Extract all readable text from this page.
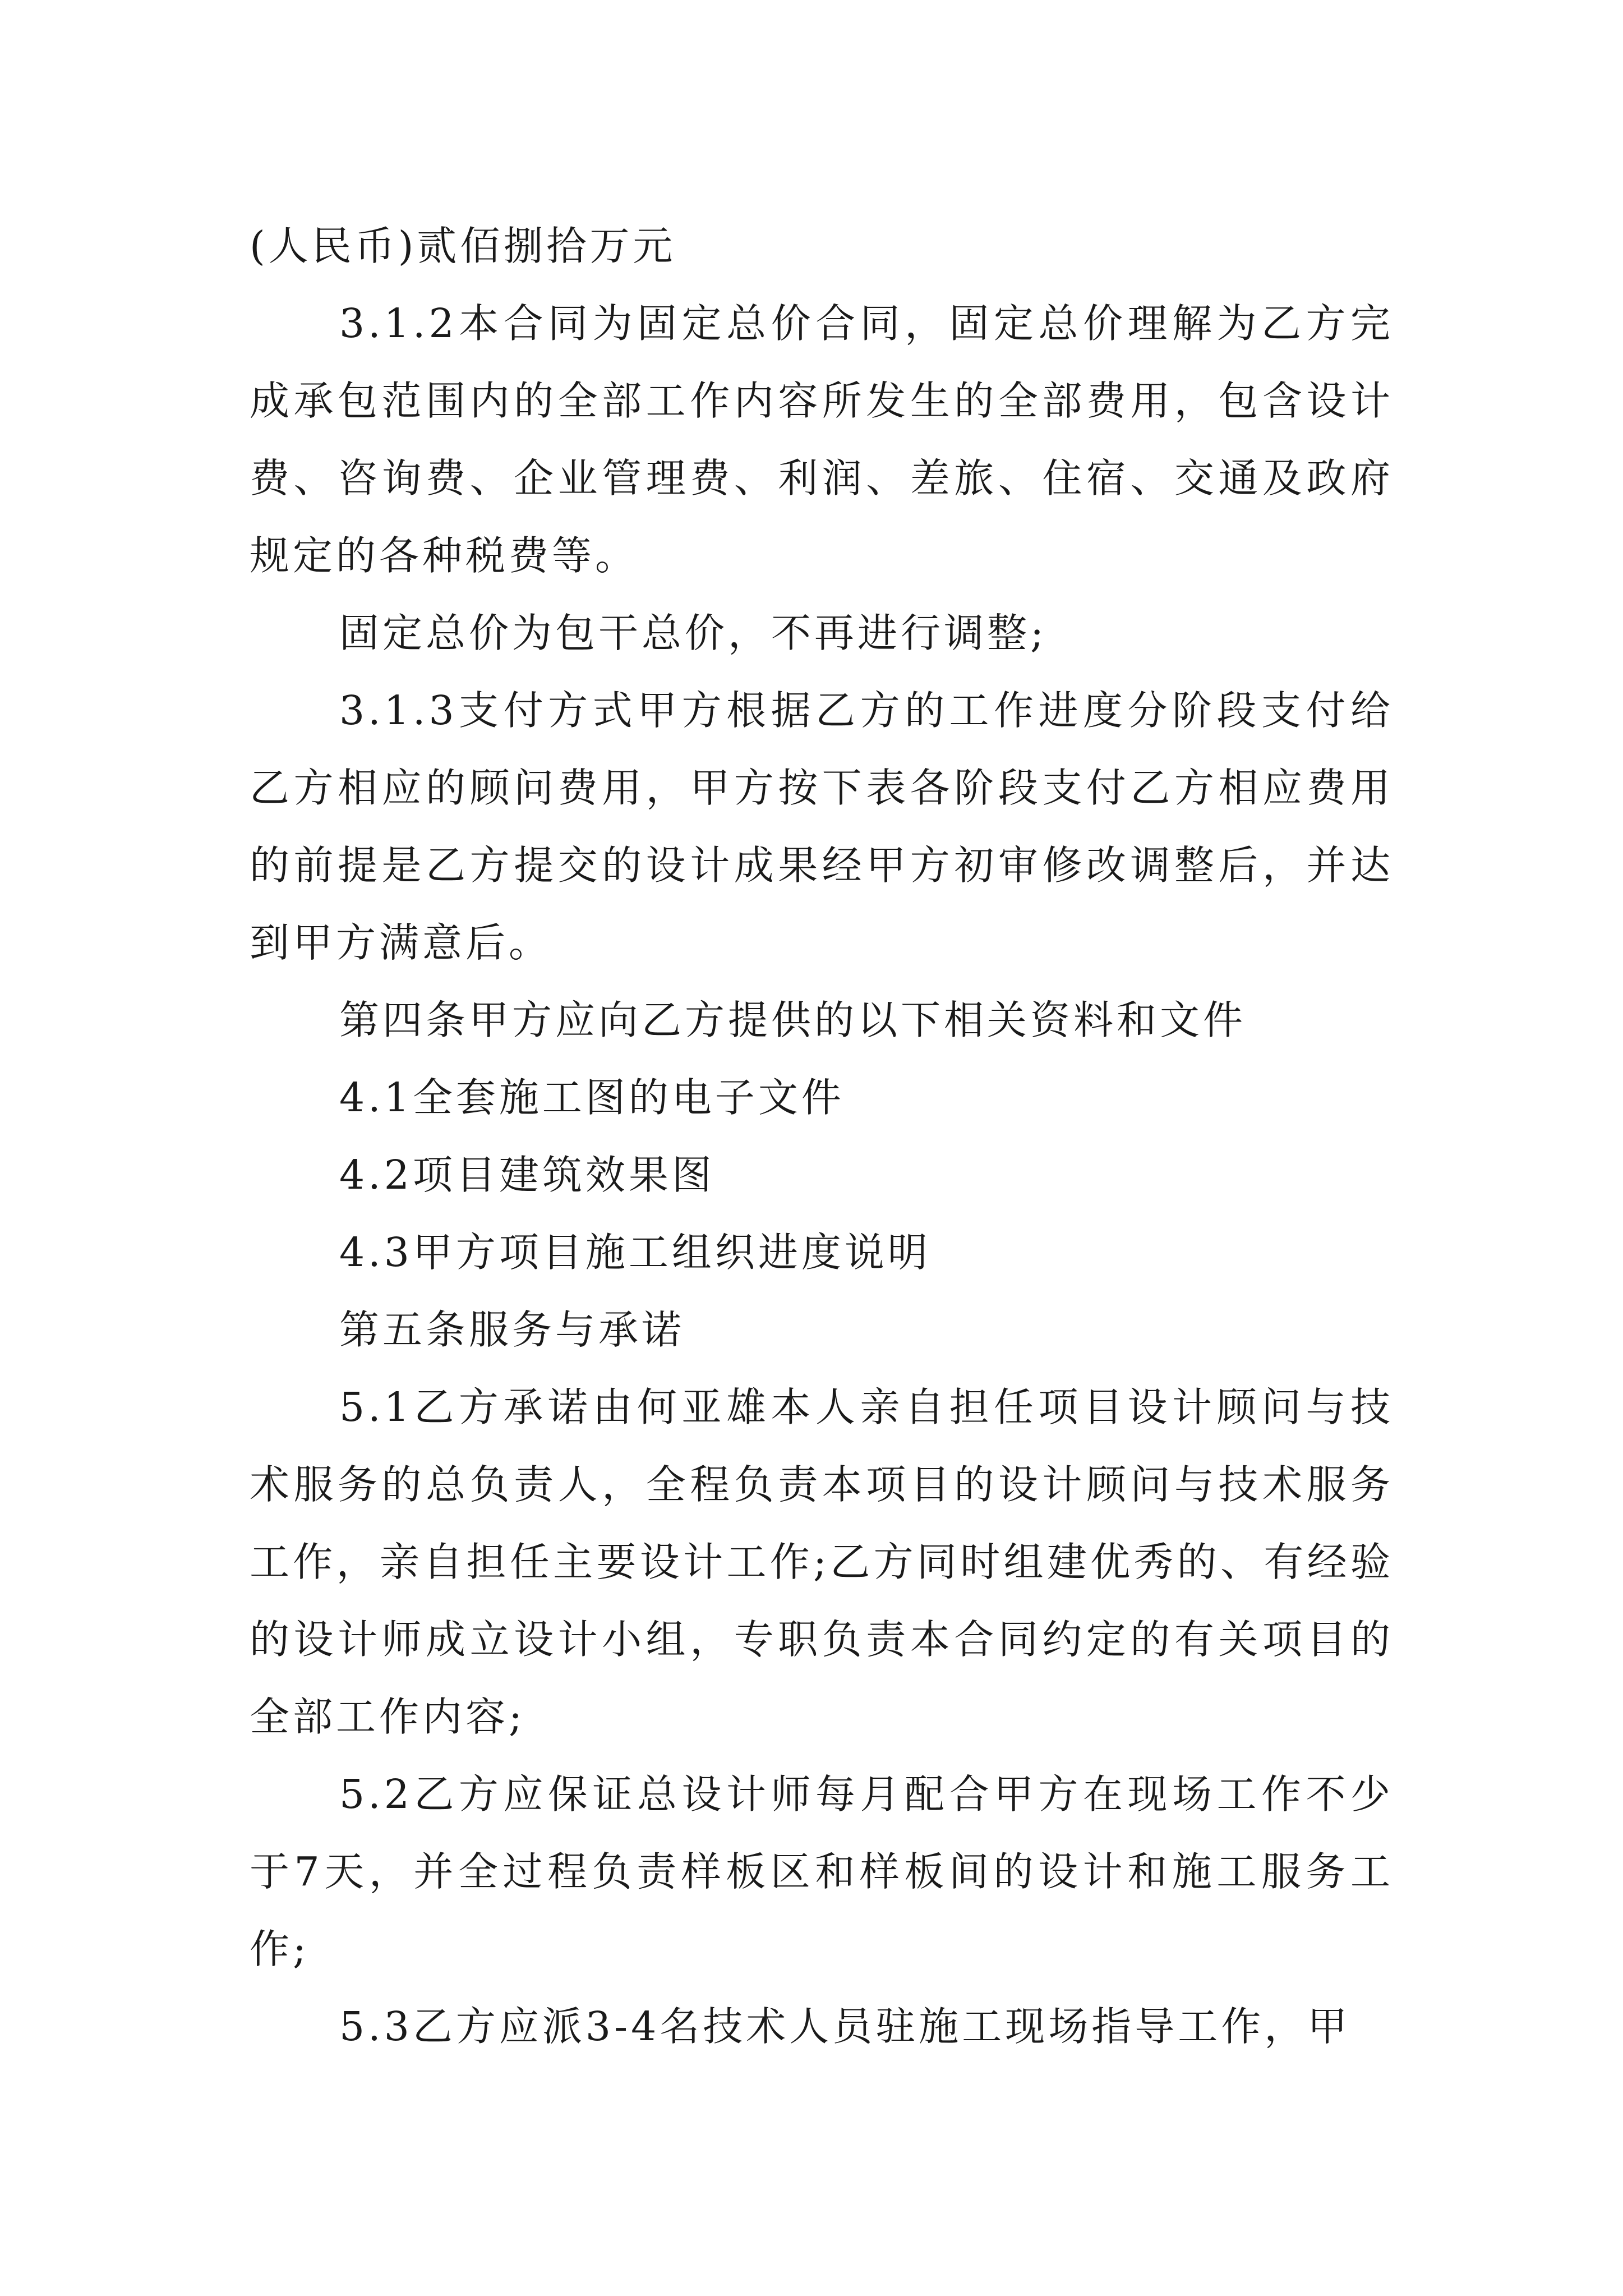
(人民币)贰佰捌拾万元

3.1.2本合同为固定总价合同，固定总价理解为乙方完成承包范围内的全部工作内容所发生的全部费用，包含设计费、咨询费、企业管理费、利润、差旅、住宿、交通及政府规定的各种税费等。

固定总价为包干总价，不再进行调整;

3.1.3支付方式甲方根据乙方的工作进度分阶段支付给乙方相应的顾问费用，甲方按下表各阶段支付乙方相应费用的前提是乙方提交的设计成果经甲方初审修改调整后，并达到甲方满意后。

第四条甲方应向乙方提供的以下相关资料和文件

4.1全套施工图的电子文件

4.2项目建筑效果图

4.3甲方项目施工组织进度说明

第五条服务与承诺

5.1乙方承诺由何亚雄本人亲自担任项目设计顾问与技术服务的总负责人，全程负责本项目的设计顾问与技术服务工作，亲自担任主要设计工作;乙方同时组建优秀的、有经验的设计师成立设计小组，专职负责本合同约定的有关项目的全部工作内容;

5.2乙方应保证总设计师每月配合甲方在现场工作不少于7天，并全过程负责样板区和样板间的设计和施工服务工作;

5.3乙方应派3-4名技术人员驻施工现场指导工作，甲
